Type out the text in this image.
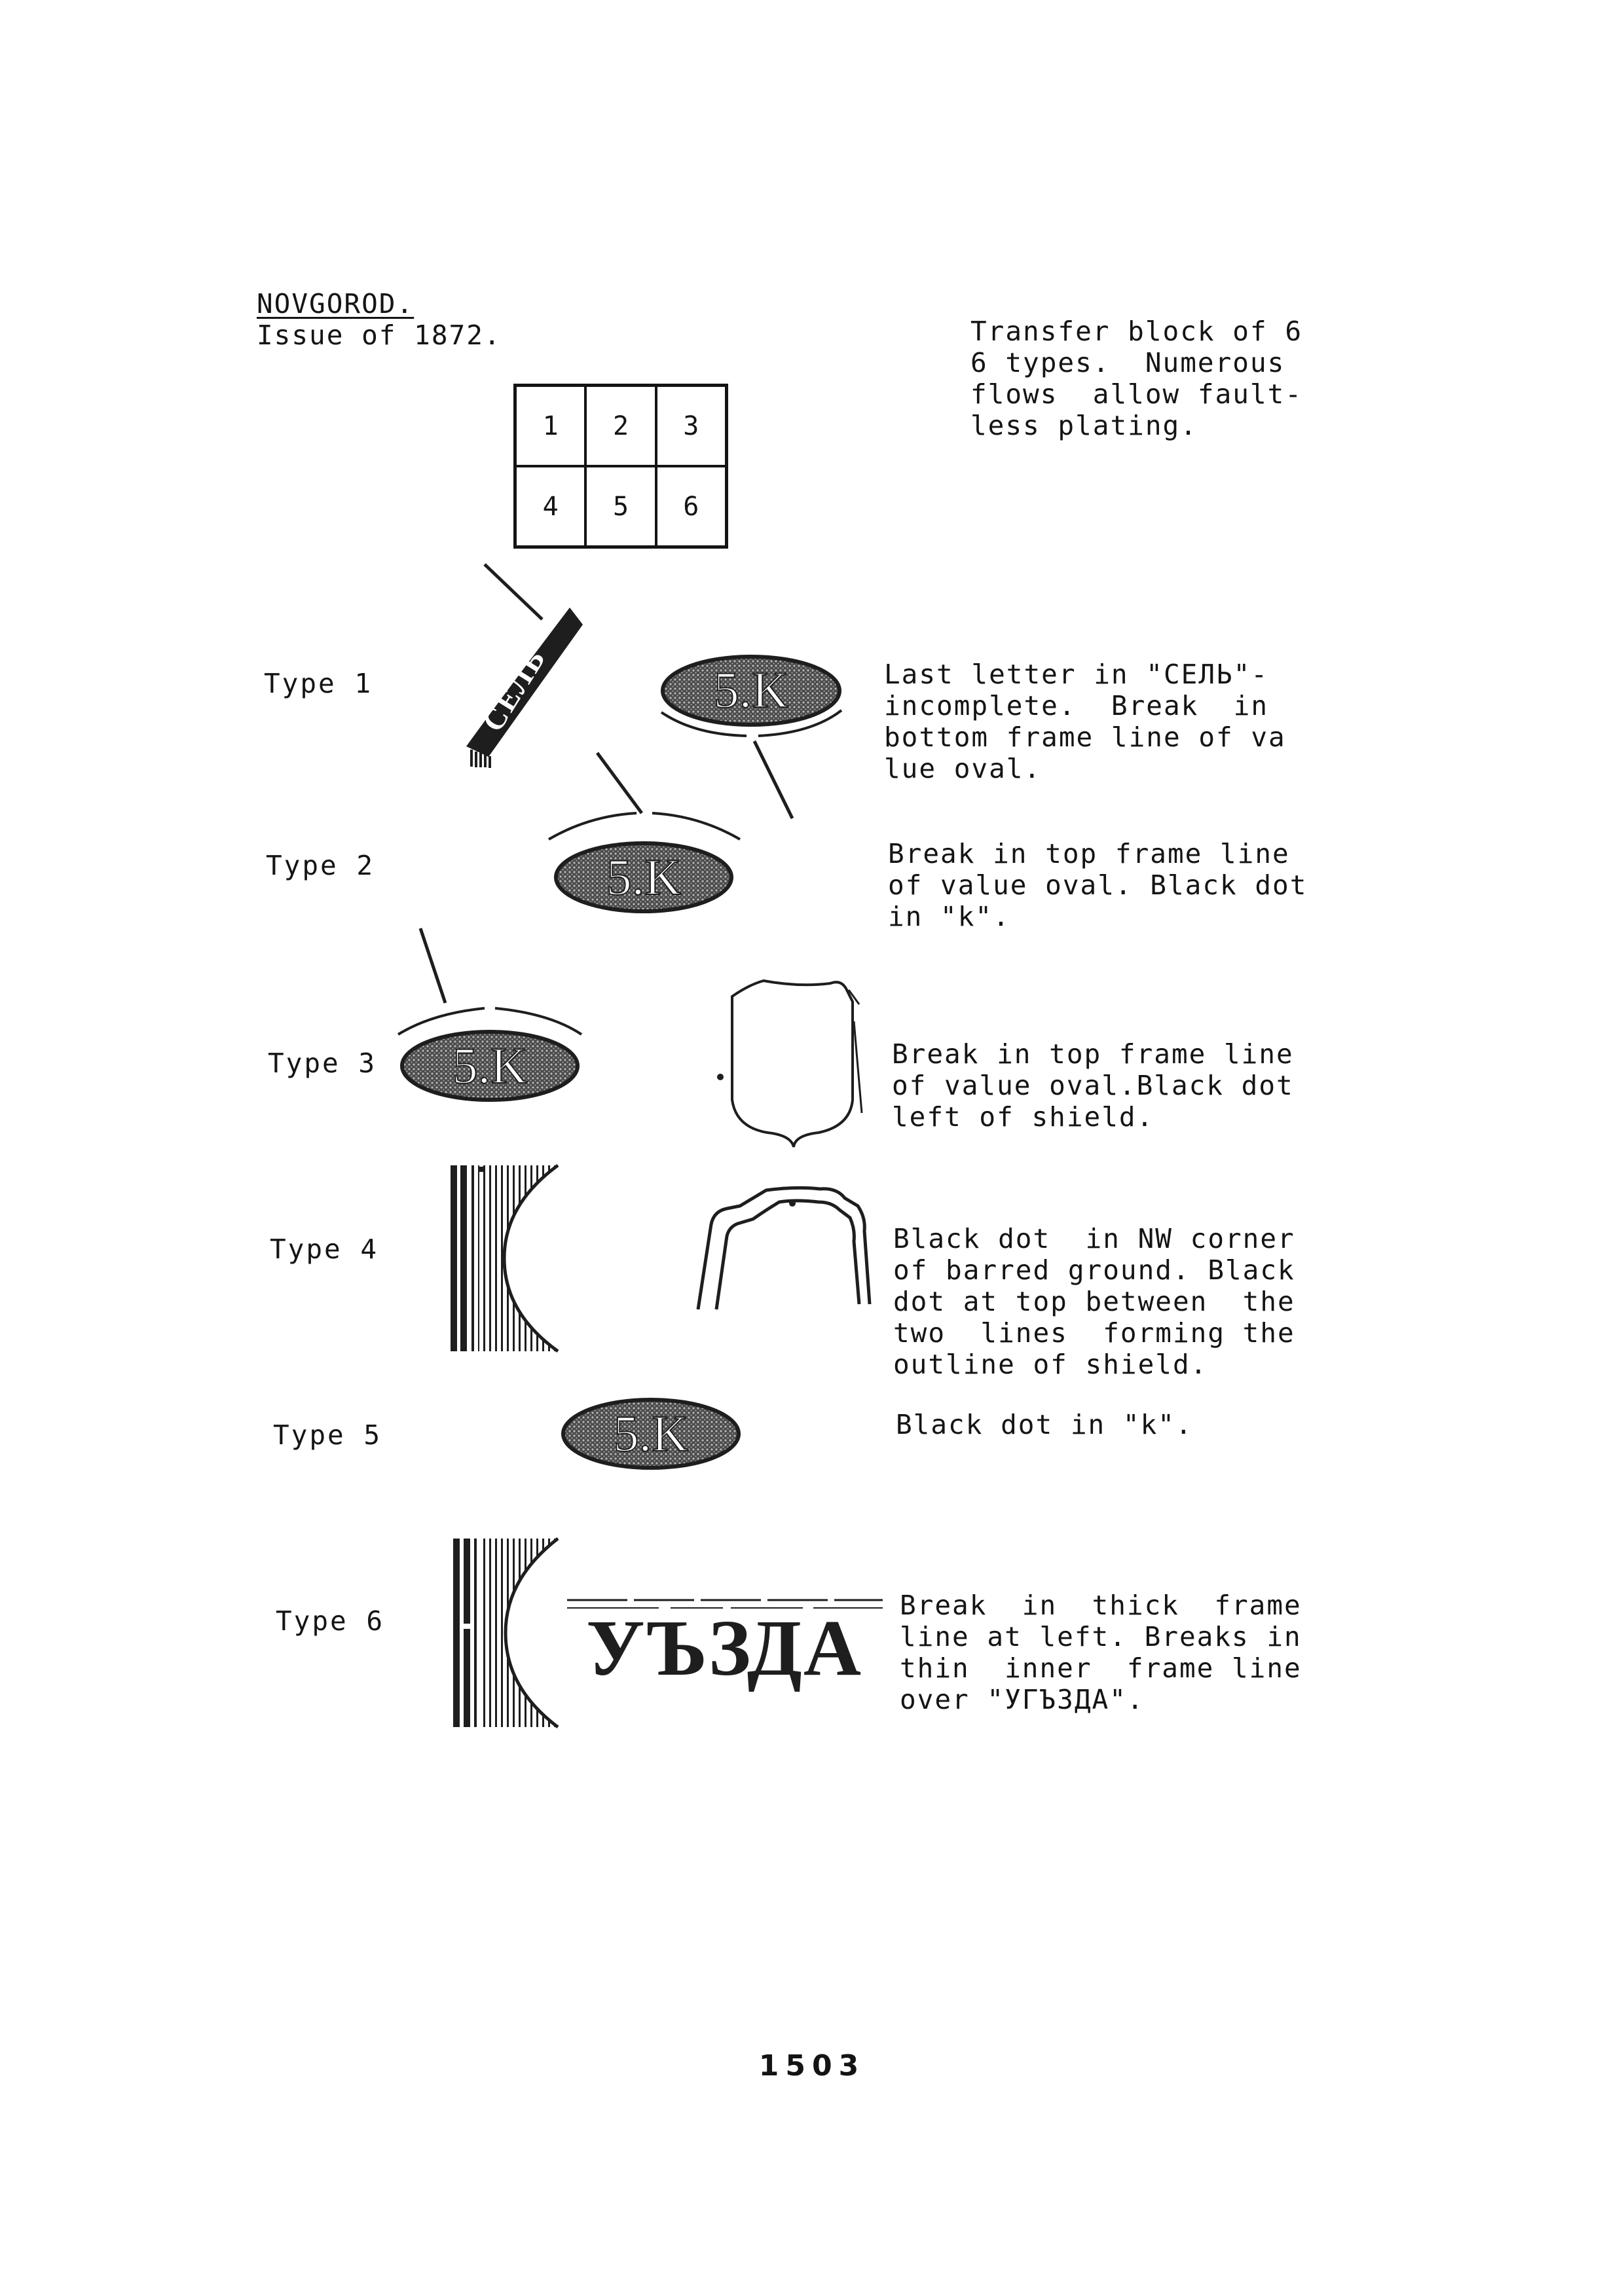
NOVGOROD.
Issue of 1872.
1	2	3
4	5	6
Transfer block of 6
6 types.  Numerous
flows  allow fault-
less plating.
Type 1
Type 2
Type 3
Type 4
Type 5
Type 6
Last letter in "СЕЛЬ"-
incomplete.  Break  in
bottom frame line of va
lue oval.
Break in top frame line
of value oval. Black dot
in "k".
Break in top frame line
of value oval.Black dot
left of shield.
Black dot  in NW corner
of barred ground. Black
dot at top between  the
two  lines  forming the
outline of shield.
Black dot in "k".
Break  in  thick  frame
line at left. Breaks in
thin  inner  frame line
over "УГЪЗДА".
СЕЛЬ	5.K
5.K
5.K
5.K
УЪЗДА
1503
